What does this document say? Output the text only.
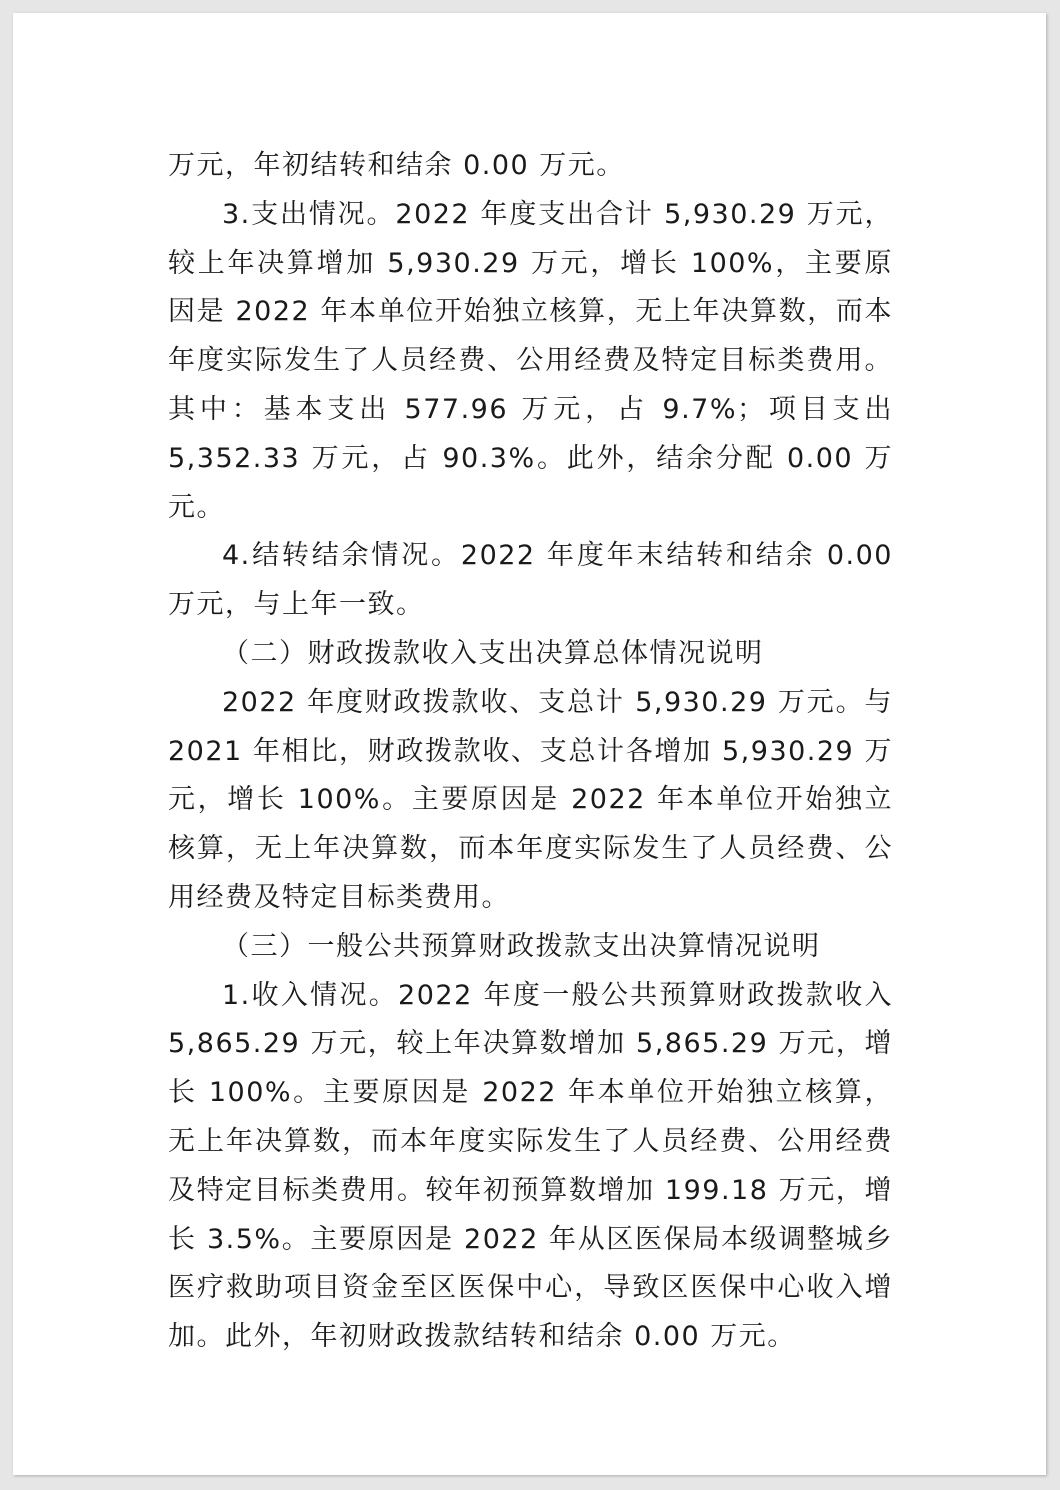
万元，年初结转和结余 0.00 万元。

3.支出情况。2022 年度支出合计 5,930.29 万元，较上年决算增加 5,930.29 万元，增长 100%，主要原因是 2022 年本单位开始独立核算，无上年决算数，而本年度实际发生了人员经费、公用经费及特定目标类费用。其中：基本支出 577.96 万元，占 9.7%；项目支出 5,352.33 万元，占 90.3%。此外，结余分配 0.00 万元。

4.结转结余情况。2022 年度年末结转和结余 0.00 万元，与上年一致。

（二）财政拨款收入支出决算总体情况说明

2022 年度财政拨款收、支总计 5,930.29 万元。与 2021 年相比，财政拨款收、支总计各增加 5,930.29 万元，增长 100%。主要原因是 2022 年本单位开始独立核算，无上年决算数，而本年度实际发生了人员经费、公用经费及特定目标类费用。

（三）一般公共预算财政拨款支出决算情况说明

1.收入情况。2022 年度一般公共预算财政拨款收入 5,865.29 万元，较上年决算数增加 5,865.29 万元，增长 100%。主要原因是 2022 年本单位开始独立核算，无上年决算数，而本年度实际发生了人员经费、公用经费及特定目标类费用。较年初预算数增加 199.18 万元，增长 3.5%。主要原因是 2022 年从区医保局本级调整城乡医疗救助项目资金至区医保中心，导致区医保中心收入增加。此外，年初财政拨款结转和结余 0.00 万元。
